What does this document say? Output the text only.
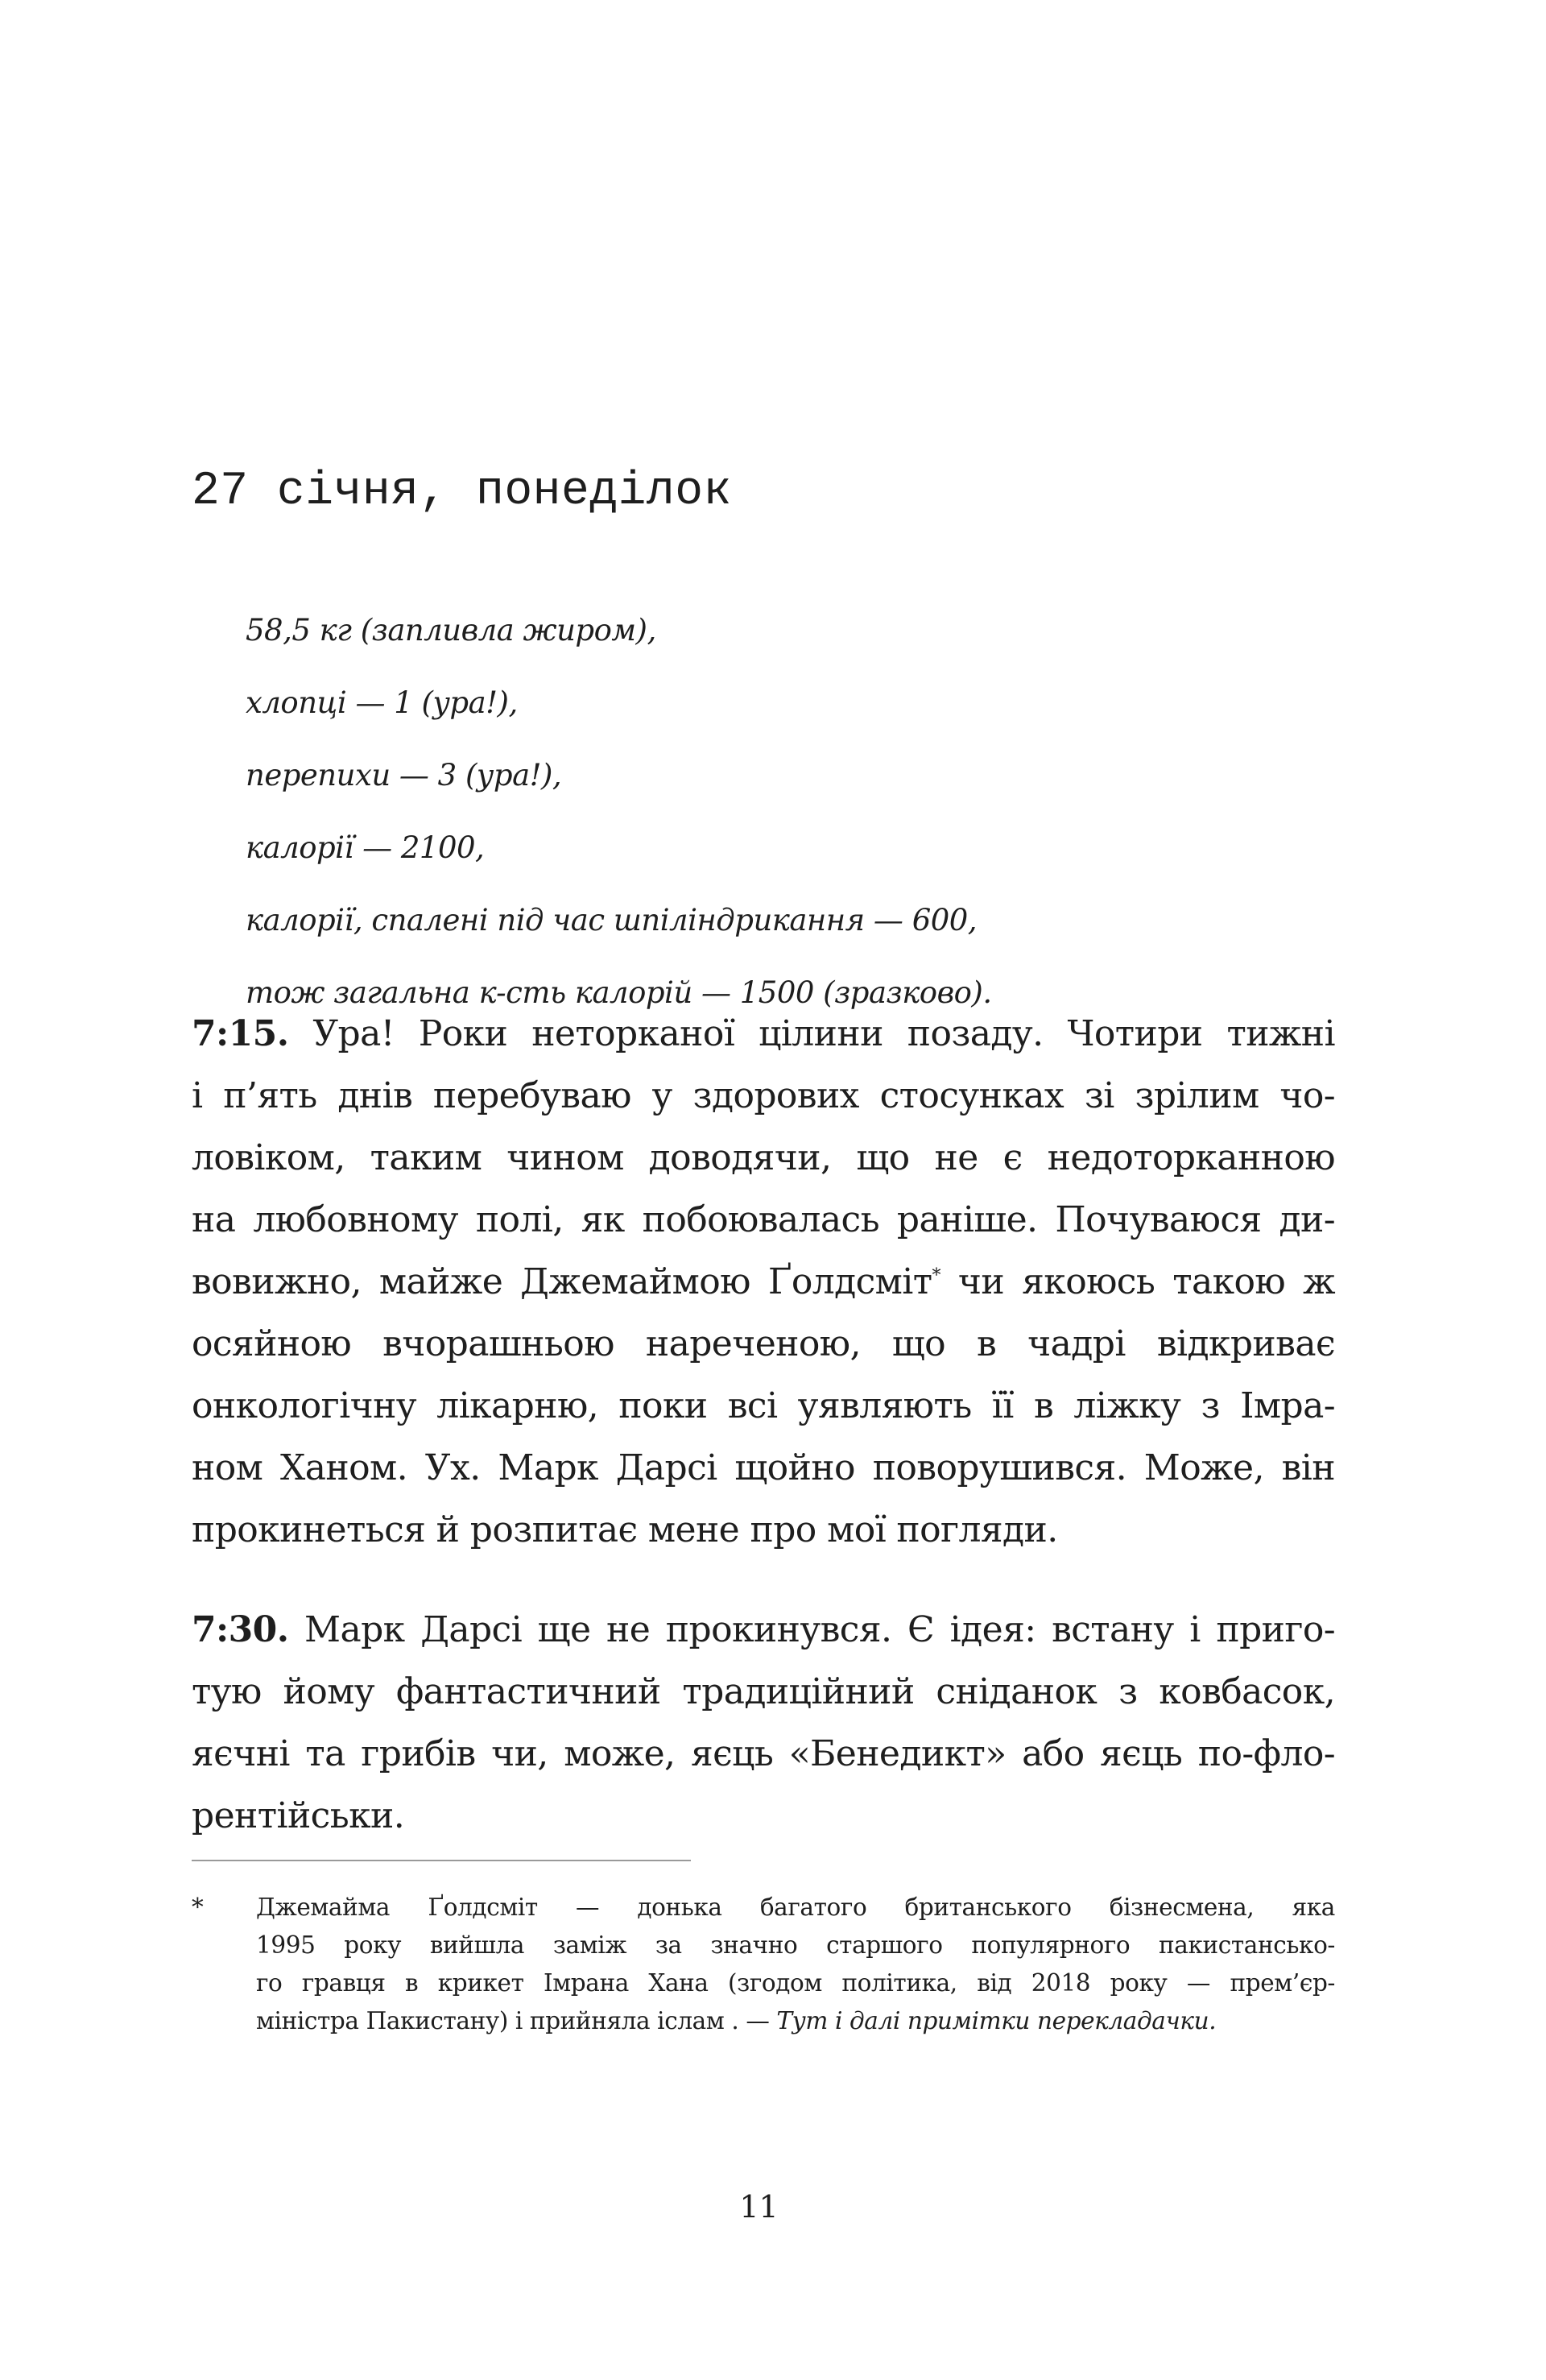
27 січня, понеділок
58,5 кг (запливла жиром),
хлопці — 1 (ура!),
перепихи — 3 (ура!),
калорії — 2100,
калорії, спалені під час шпіліндрикання — 600,
тож загальна к-сть калорій — 1500 (зразково).
7:15. Ура! Роки неторканої цілини позаду. Чотири тижні
і п’ять днів перебуваю у здорових стосунках зі зрілим чо-
ловіком, таким чином доводячи, що не є недоторканною
на любовному полі, як побоювалась раніше. Почуваюся ди-
вовижно, майже Джемаймою Ґолдсміт* чи якоюсь такою ж
осяйною вчорашньою нареченою, що в чадрі відкриває
онкологічну лікарню, поки всі уявляють її в ліжку з Імра-
ном Ханом. Ух. Марк Дарсі щойно поворушився. Може, він
прокинеться й розпитає мене про мої погляди.
7:30. Марк Дарсі ще не прокинувся. Є ідея: встану і приго-
тую йому фантастичний традиційний сніданок з ковбасок,
яєчні та грибів чи, може, яєць «Бенедикт» або яєць по-фло-
рентійськи.
* Джемайма Ґолдсміт — донька багатого британського бізнесмена, яка
1995 року вийшла заміж за значно старшого популярного пакистансько-
го гравця в крикет Імрана Хана (згодом політика, від 2018 року — прем’єр-
міністра Пакистану) і прийняла іслам . — Тут і далі примітки перекладачки.
11
